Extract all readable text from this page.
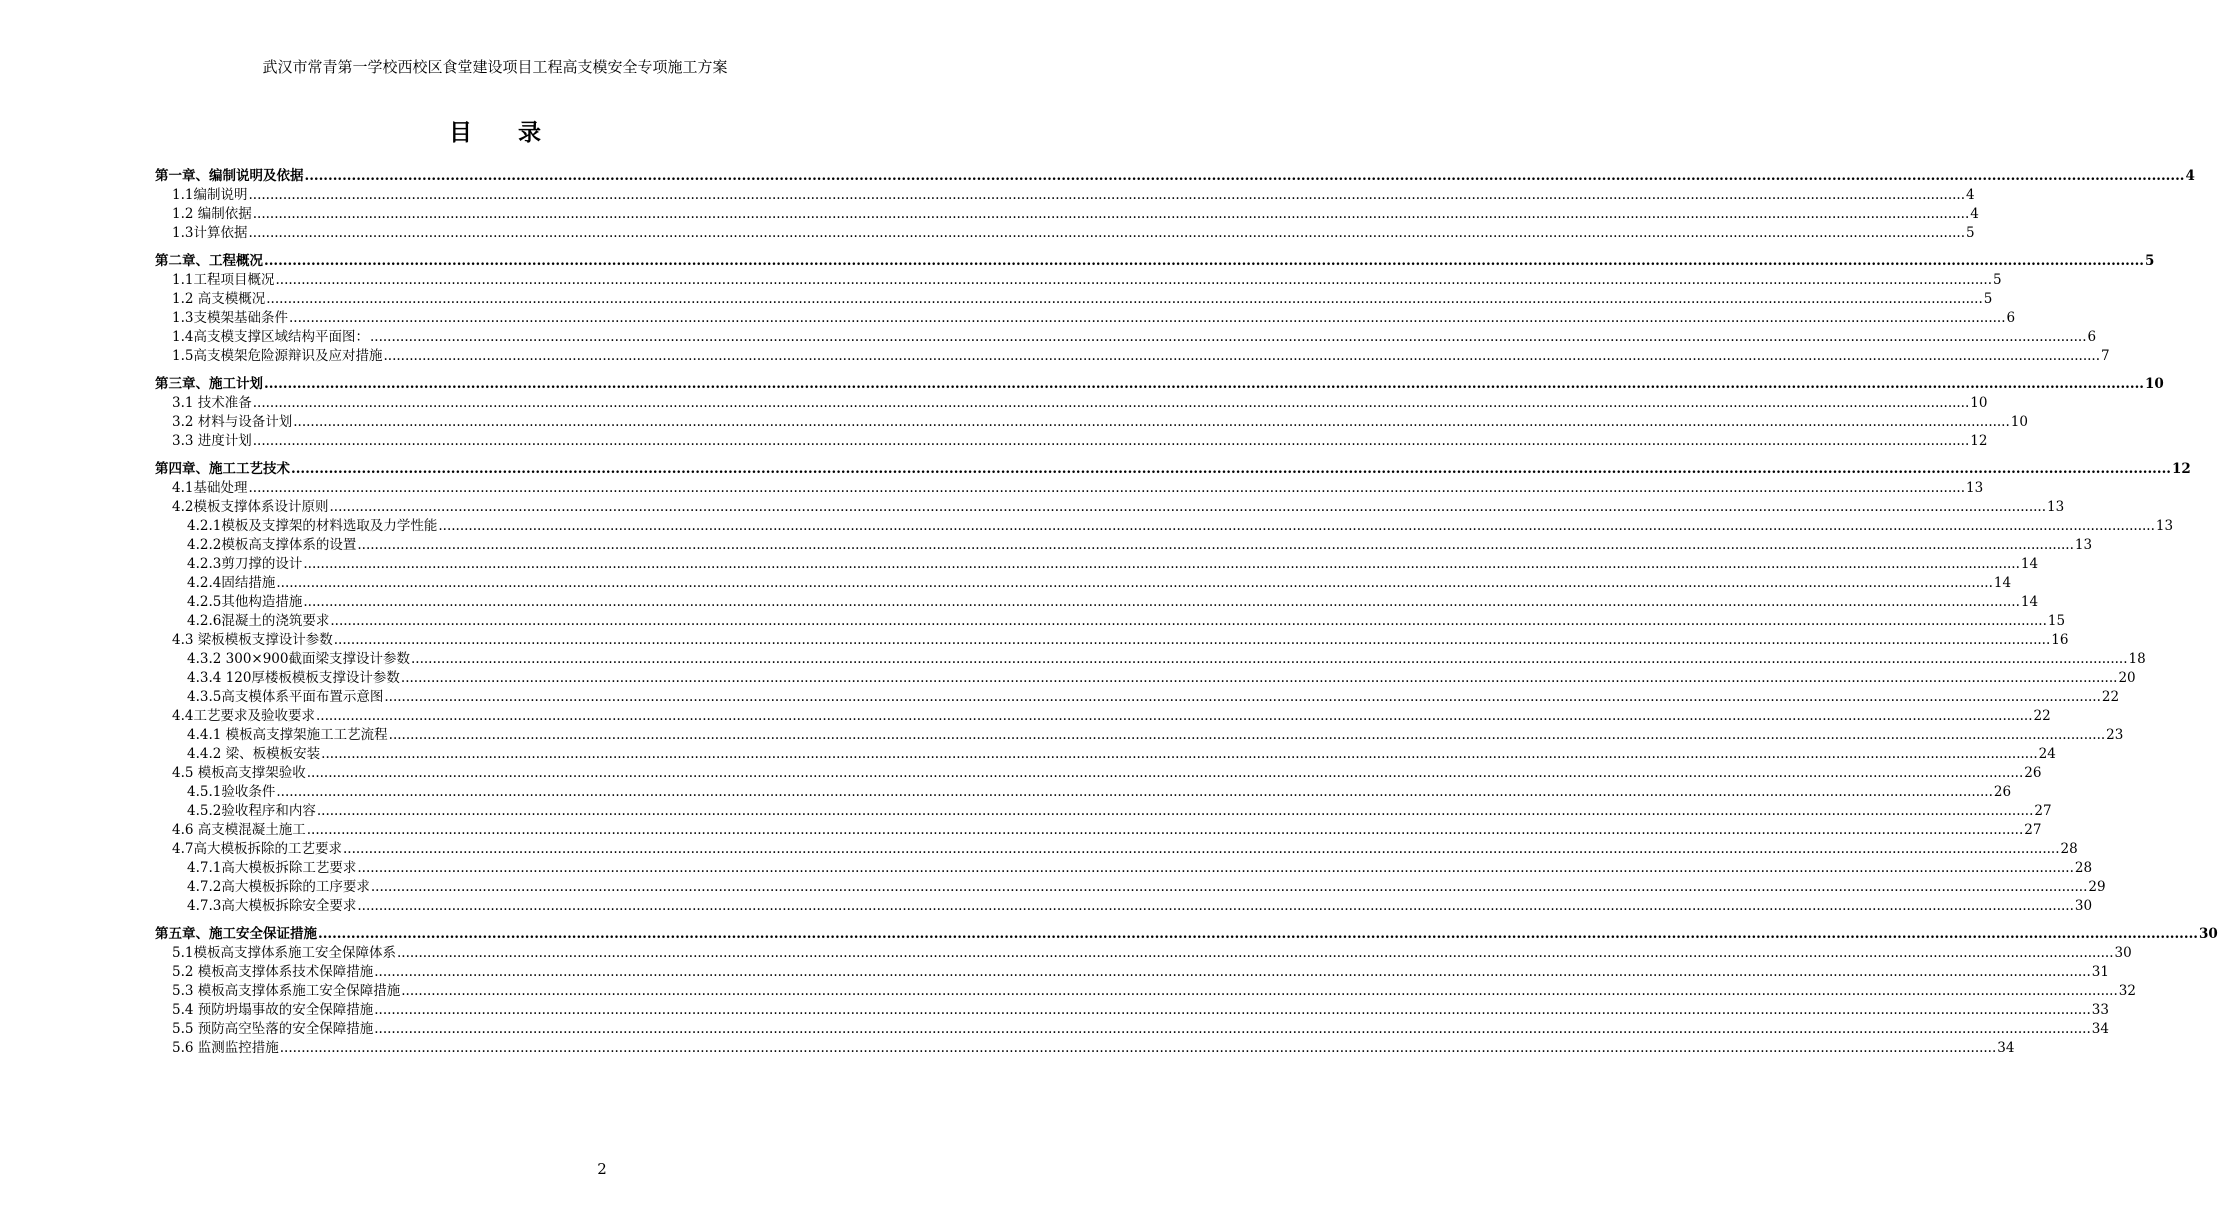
武汉市常青第一学校西校区食堂建设项目工程高支模安全专项施工方案
目　　录
第一章、编制说明及依据 ................................................................................................................................................................................................................................................................................................................................................................................................................ 4
1.1编制说明 ................................................................................................................................................................................................................................................................................................................................................................................................................ 4
1.2 编制依据 ................................................................................................................................................................................................................................................................................................................................................................................................................ 4
1.3计算依据 ................................................................................................................................................................................................................................................................................................................................................................................................................ 5
第二章、工程概况 ................................................................................................................................................................................................................................................................................................................................................................................................................ 5
1.1工程项目概况 ................................................................................................................................................................................................................................................................................................................................................................................................................ 5
1.2 高支模概况 ................................................................................................................................................................................................................................................................................................................................................................................................................ 5
1.3支模架基础条件 ................................................................................................................................................................................................................................................................................................................................................................................................................ 6
1.4高支模支撑区域结构平面图： ................................................................................................................................................................................................................................................................................................................................................................................................................ 6
1.5高支模架危险源辩识及应对措施 ................................................................................................................................................................................................................................................................................................................................................................................................................ 7
第三章、施工计划 ................................................................................................................................................................................................................................................................................................................................................................................................................ 10
3.1 技术准备 ................................................................................................................................................................................................................................................................................................................................................................................................................ 10
3.2 材料与设备计划 ................................................................................................................................................................................................................................................................................................................................................................................................................ 10
3.3 进度计划 ................................................................................................................................................................................................................................................................................................................................................................................................................ 12
第四章、施工工艺技术 ................................................................................................................................................................................................................................................................................................................................................................................................................ 12
4.1基础处理 ................................................................................................................................................................................................................................................................................................................................................................................................................ 13
4.2模板支撑体系设计原则 ................................................................................................................................................................................................................................................................................................................................................................................................................ 13
4.2.1模板及支撑架的材料选取及力学性能 ................................................................................................................................................................................................................................................................................................................................................................................................................ 13
4.2.2模板高支撑体系的设置 ................................................................................................................................................................................................................................................................................................................................................................................................................ 13
4.2.3剪刀撑的设计 ................................................................................................................................................................................................................................................................................................................................................................................................................ 14
4.2.4固结措施 ................................................................................................................................................................................................................................................................................................................................................................................................................ 14
4.2.5其他构造措施 ................................................................................................................................................................................................................................................................................................................................................................................................................ 14
4.2.6混凝土的浇筑要求 ................................................................................................................................................................................................................................................................................................................................................................................................................ 15
4.3 梁板模板支撑设计参数 ................................................................................................................................................................................................................................................................................................................................................................................................................ 16
4.3.2 300×900截面梁支撑设计参数 ................................................................................................................................................................................................................................................................................................................................................................................................................ 18
4.3.4 120厚楼板模板支撑设计参数 ................................................................................................................................................................................................................................................................................................................................................................................................................ 20
4.3.5高支模体系平面布置示意图 ................................................................................................................................................................................................................................................................................................................................................................................................................ 22
4.4工艺要求及验收要求 ................................................................................................................................................................................................................................................................................................................................................................................................................ 22
4.4.1 模板高支撑架施工工艺流程 ................................................................................................................................................................................................................................................................................................................................................................................................................ 23
4.4.2 梁、板模板安装 ................................................................................................................................................................................................................................................................................................................................................................................................................ 24
4.5 模板高支撑架验收 ................................................................................................................................................................................................................................................................................................................................................................................................................ 26
4.5.1验收条件 ................................................................................................................................................................................................................................................................................................................................................................................................................ 26
4.5.2验收程序和内容 ................................................................................................................................................................................................................................................................................................................................................................................................................ 27
4.6 高支模混凝土施工 ................................................................................................................................................................................................................................................................................................................................................................................................................ 27
4.7高大模板拆除的工艺要求 ................................................................................................................................................................................................................................................................................................................................................................................................................ 28
4.7.1高大模板拆除工艺要求 ................................................................................................................................................................................................................................................................................................................................................................................................................ 28
4.7.2高大模板拆除的工序要求 ................................................................................................................................................................................................................................................................................................................................................................................................................ 29
4.7.3高大模板拆除安全要求 ................................................................................................................................................................................................................................................................................................................................................................................................................ 30
第五章、施工安全保证措施 ................................................................................................................................................................................................................................................................................................................................................................................................................ 30
5.1模板高支撑体系施工安全保障体系 ................................................................................................................................................................................................................................................................................................................................................................................................................ 30
5.2 模板高支撑体系技术保障措施 ................................................................................................................................................................................................................................................................................................................................................................................................................ 31
5.3 模板高支撑体系施工安全保障措施 ................................................................................................................................................................................................................................................................................................................................................................................................................ 32
5.4 预防坍塌事故的安全保障措施 ................................................................................................................................................................................................................................................................................................................................................................................................................ 33
5.5 预防高空坠落的安全保障措施 ................................................................................................................................................................................................................................................................................................................................................................................................................ 34
5.6 监测监控措施 ................................................................................................................................................................................................................................................................................................................................................................................................................ 34
2
